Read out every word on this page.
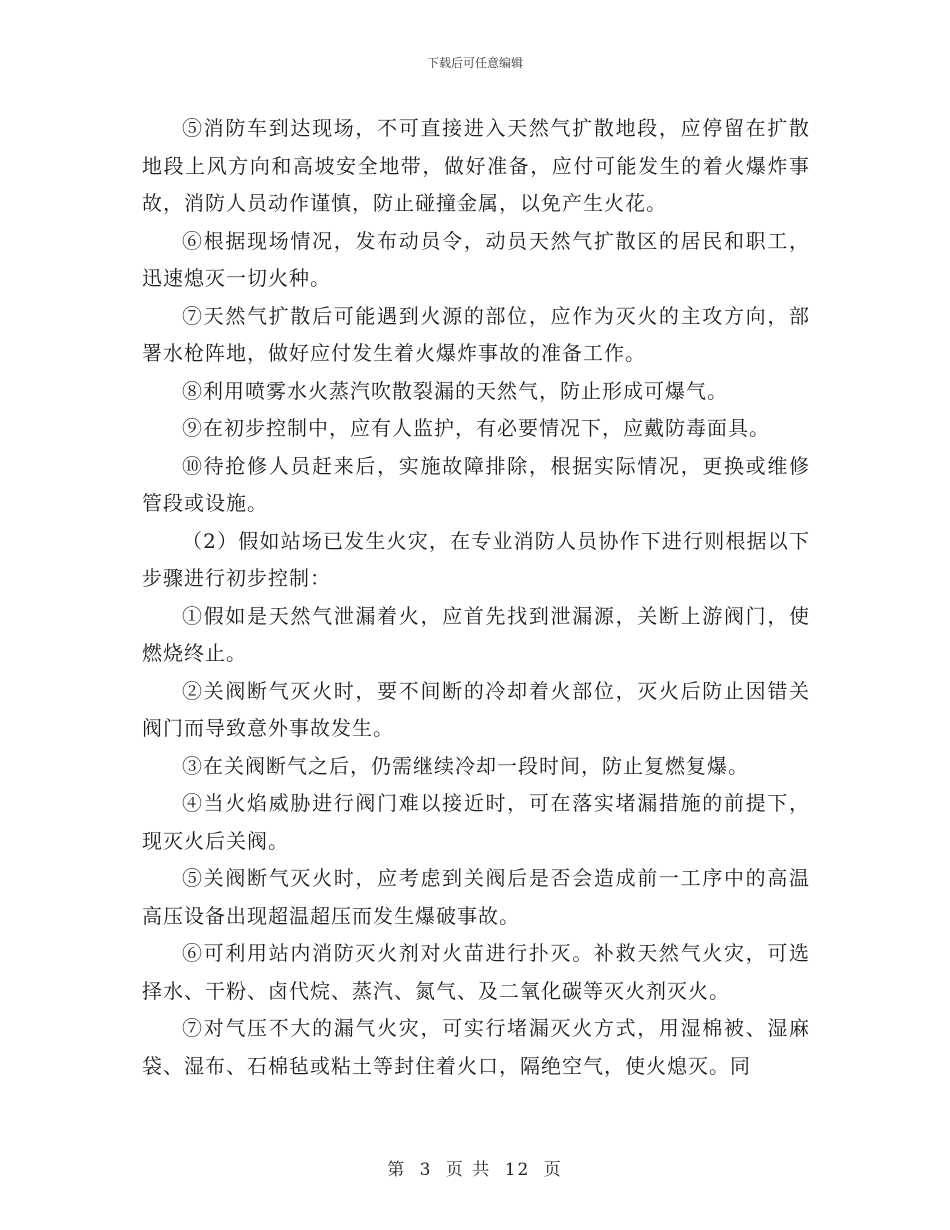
下载后可任意编辑

⑤消防车到达现场，不可直接进入天然气扩散地段，应停留在扩散地段上风方向和高坡安全地带，做好准备，应付可能发生的着火爆炸事故，消防人员动作谨慎，防止碰撞金属，以免产生火花。

⑥根据现场情况，发布动员令，动员天然气扩散区的居民和职工，迅速熄灭一切火种。

⑦天然气扩散后可能遇到火源的部位，应作为灭火的主攻方向，部署水枪阵地，做好应付发生着火爆炸事故的准备工作。

⑧利用喷雾水火蒸汽吹散裂漏的天然气，防止形成可爆气。

⑨在初步控制中，应有人监护，有必要情况下，应戴防毒面具。

⑩待抢修人员赶来后，实施故障排除，根据实际情况，更换或维修管段或设施。

（2）假如站场已发生火灾，在专业消防人员协作下进行则根据以下步骤进行初步控制：

①假如是天然气泄漏着火，应首先找到泄漏源，关断上游阀门，使燃烧终止。

②关阀断气灭火时，要不间断的冷却着火部位，灭火后防止因错关阀门而导致意外事故发生。

③在关阀断气之后，仍需继续冷却一段时间，防止复燃复爆。

④当火焰威胁进行阀门难以接近时，可在落实堵漏措施的前提下，现灭火后关阀。

⑤关阀断气灭火时，应考虑到关阀后是否会造成前一工序中的高温高压设备出现超温超压而发生爆破事故。

⑥可利用站内消防灭火剂对火苗进行扑灭。补救天然气火灾，可选择水、干粉、卤代烷、蒸汽、氮气、及二氧化碳等灭火剂灭火。

⑦对气压不大的漏气火灾，可实行堵漏灭火方式，用湿棉被、湿麻袋、湿布、石棉毡或粘土等封住着火口，隔绝空气，使火熄灭。同

第 3 页 共 12 页
